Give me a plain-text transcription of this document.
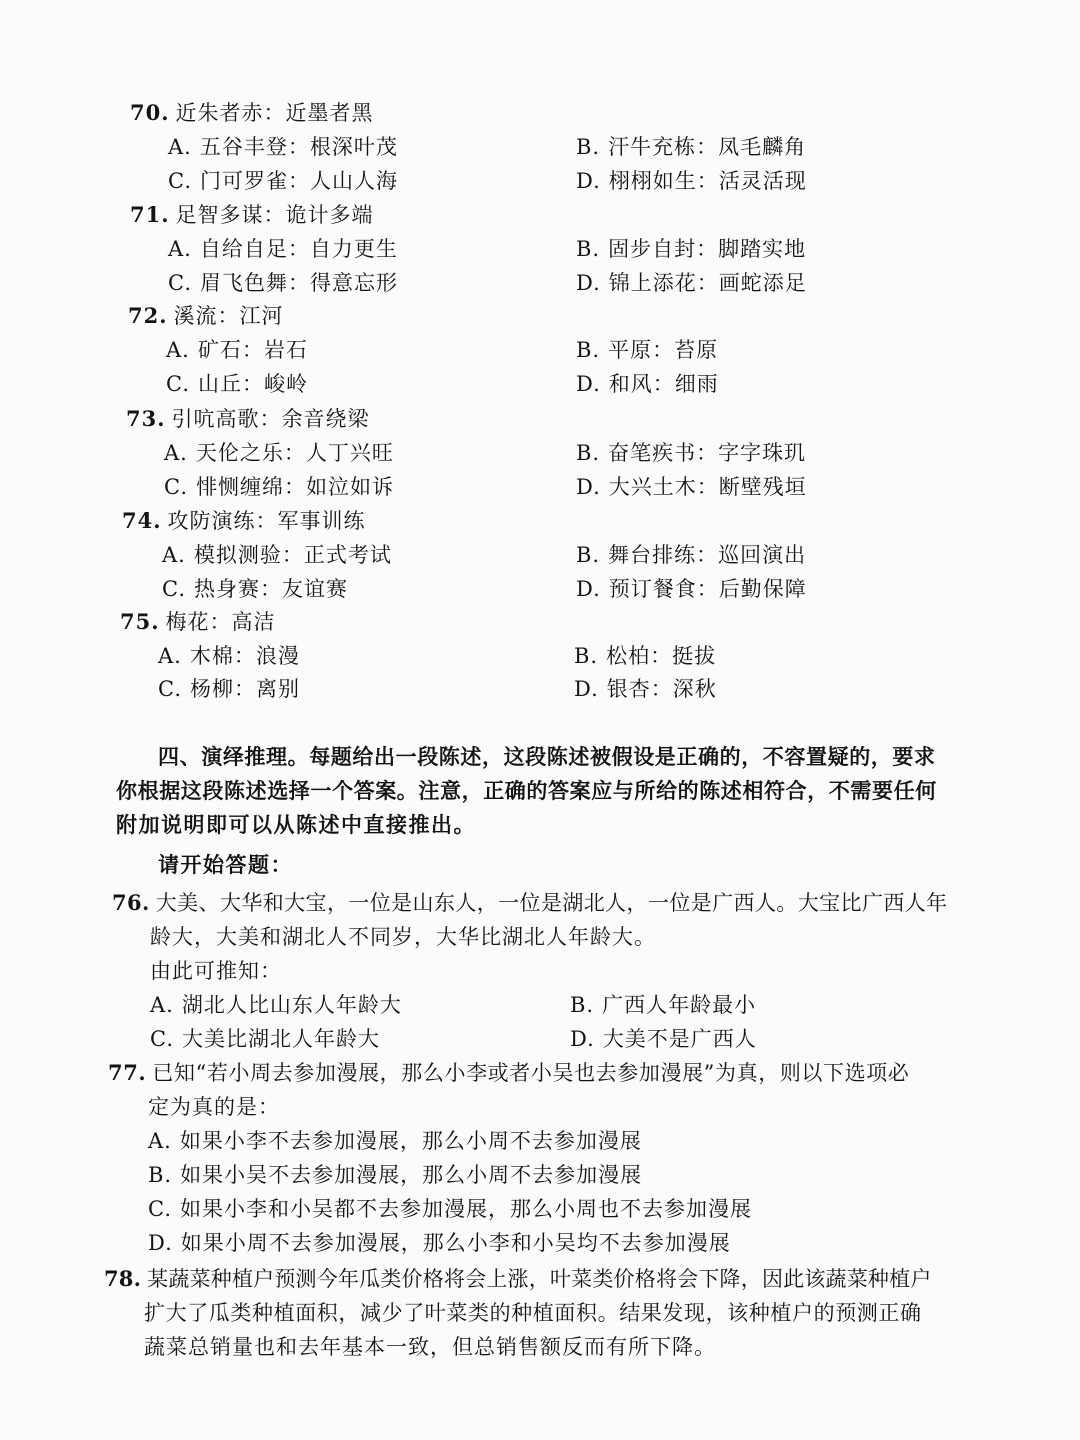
70. 近朱者赤：近墨者黑
A. 五谷丰登：根深叶茂	B. 汗牛充栋：凤毛麟角
C. 门可罗雀：人山人海	D. 栩栩如生：活灵活现
71. 足智多谋：诡计多端
A. 自给自足：自力更生	B. 固步自封：脚踏实地
C. 眉飞色舞：得意忘形	D. 锦上添花：画蛇添足
72. 溪流：江河
A. 矿石：岩石	B. 平原：苔原
C. 山丘：峻岭	D. 和风：细雨
73. 引吭高歌：余音绕梁
A. 天伦之乐：人丁兴旺	B. 奋笔疾书：字字珠玑
C. 悱恻缠绵：如泣如诉	D. 大兴土木：断壁残垣
74. 攻防演练：军事训练
A. 模拟测验：正式考试	B. 舞台排练：巡回演出
C. 热身赛：友谊赛	D. 预订餐食：后勤保障
75. 梅花：高洁
A. 木棉：浪漫	B. 松柏：挺拔
C. 杨柳：离别	D. 银杏：深秋
四、演绎推理。每题给出一段陈述，这段陈述被假设是正确的，不容置疑的，要求
你根据这段陈述选择一个答案。注意，正确的答案应与所给的陈述相符合，不需要任何
附加说明即可以从陈述中直接推出。
请开始答题：
76. 大美、大华和大宝，一位是山东人，一位是湖北人，一位是广西人。大宝比广西人年
龄大，大美和湖北人不同岁，大华比湖北人年龄大。
由此可推知：
A. 湖北人比山东人年龄大	B. 广西人年龄最小
C. 大美比湖北人年龄大	D. 大美不是广西人
77. 已知“若小周去参加漫展，那么小李或者小吴也去参加漫展”为真，则以下选项必
定为真的是：
A. 如果小李不去参加漫展，那么小周不去参加漫展
B. 如果小吴不去参加漫展，那么小周不去参加漫展
C. 如果小李和小吴都不去参加漫展，那么小周也不去参加漫展
D. 如果小周不去参加漫展，那么小李和小吴均不去参加漫展
78. 某蔬菜种植户预测今年瓜类价格将会上涨，叶菜类价格将会下降，因此该蔬菜种植户
扩大了瓜类种植面积，减少了叶菜类的种植面积。结果发现，该种植户的预测正确
蔬菜总销量也和去年基本一致，但总销售额反而有所下降。
